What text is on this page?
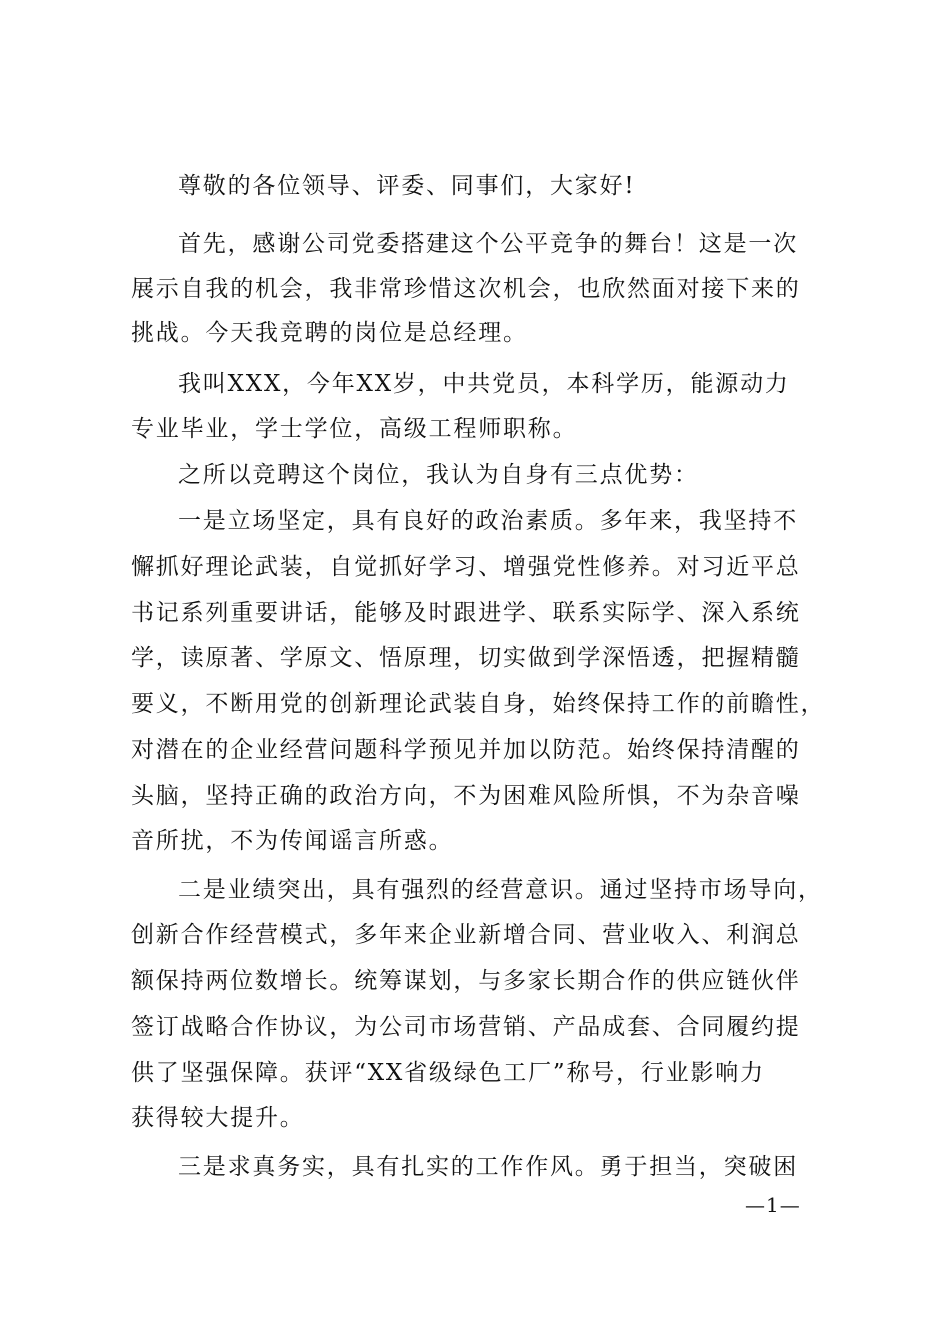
尊敬的各位领导、评委、同事们，大家好!
首先，感谢公司党委搭建这个公平竞争的舞台！这是一次
展示自我的机会，我非常珍惜这次机会，也欣然面对接下来的
挑战。今天我竞聘的岗位是总经理。
我叫XXX，今年XX岁，中共党员，本科学历，能源动力
专业毕业，学士学位，高级工程师职称。
之所以竞聘这个岗位，我认为自身有三点优势：
一是立场坚定，具有良好的政治素质。多年来，我坚持不
懈抓好理论武装，自觉抓好学习、增强党性修养。对习近平总
书记系列重要讲话，能够及时跟进学、联系实际学、深入系统
学，读原著、学原文、悟原理，切实做到学深悟透，把握精髓
要义，不断用党的创新理论武装自身，始终保持工作的前瞻性，
对潜在的企业经营问题科学预见并加以防范。始终保持清醒的
头脑，坚持正确的政治方向，不为困难风险所惧，不为杂音噪
音所扰，不为传闻谣言所惑。
二是业绩突出，具有强烈的经营意识。通过坚持市场导向，
创新合作经营模式，多年来企业新增合同、营业收入、利润总
额保持两位数增长。统筹谋划，与多家长期合作的供应链伙伴
签订战略合作协议，为公司市场营销、产品成套、合同履约提
供了坚强保障。获评“XX省级绿色工厂”称号，行业影响力
获得较大提升。
三是求真务实，具有扎实的工作作风。勇于担当，突破困
—1—
